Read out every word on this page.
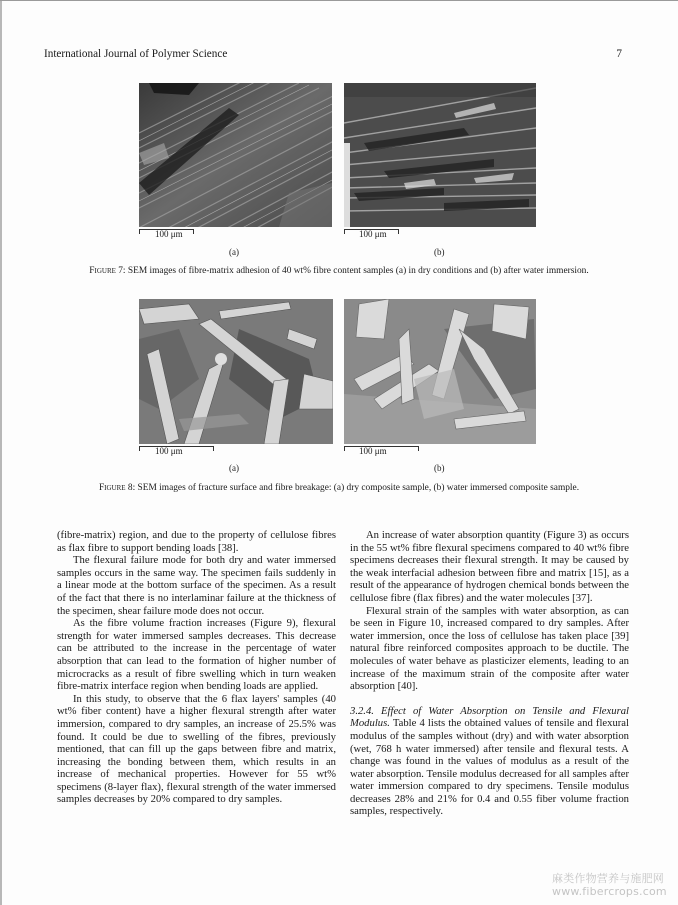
International Journal of Polymer Science	7
100 μm
(a)
100 μm
(b)
Figure 7: SEM images of fibre-matrix adhesion of 40 wt% fibre content samples (a) in dry conditions and (b) after water immersion.
100 μm
(a)
100 μm
(b)
Figure 8: SEM images of fracture surface and fibre breakage: (a) dry composite sample, (b) water immersed composite sample.

(fibre-matrix) region, and due to the property of cellulose fibres as flax fibre to support bending loads [38].

The flexural failure mode for both dry and water immersed samples occurs in the same way. The specimen fails suddenly in a linear mode at the bottom surface of the specimen. As a result of the fact that there is no interlaminar failure at the thickness of the specimen, shear failure mode does not occur.

As the fibre volume fraction increases (Figure 9), flexural strength for water immersed samples decreases. This decrease can be attributed to the increase in the percentage of water absorption that can lead to the formation of higher number of microcracks as a result of fibre swelling which in turn weaken fibre-matrix interface region when bending loads are applied.

In this study, to observe that the 6 flax layers' samples (40 wt% fiber content) have a higher flexural strength after water immersion, compared to dry samples, an increase of 25.5% was found. It could be due to swelling of the fibres, previously mentioned, that can fill up the gaps between fibre and matrix, increasing the bonding between them, which results in an increase of mechanical properties. However for 55 wt% specimens (8-layer flax), flexural strength of the water immersed samples decreases by 20% compared to dry samples.

An increase of water absorption quantity (Figure 3) as occurs in the 55 wt% fibre flexural specimens compared to 40 wt% fibre specimens decreases their flexural strength. It may be caused by the weak interfacial adhesion between fibre and matrix [15], as a result of the appearance of hydrogen chemical bonds between the cellulose fibre (flax fibres) and the water molecules [37].

Flexural strain of the samples with water absorption, as can be seen in Figure 10, increased compared to dry samples. After water immersion, once the loss of cellulose has taken place [39] natural fibre reinforced composites approach to be ductile. The molecules of water behave as plasticizer elements, leading to an increase of the maximum strain of the composite after water absorption [40].

3.2.4. Effect of Water Absorption on Tensile and Flexural Modulus. Table 4 lists the obtained values of tensile and flexural modulus of the samples without (dry) and with water absorption (wet, 768 h water immersed) after tensile and flexural tests. A change was found in the values of modulus as a result of the water absorption. Tensile modulus decreased for all samples after water immersion compared to dry specimens. Tensile modulus decreases 28% and 21% for 0.4 and 0.55 fiber volume fraction samples, respectively.

麻类作物营养与施肥网
www.fibercrops.com
